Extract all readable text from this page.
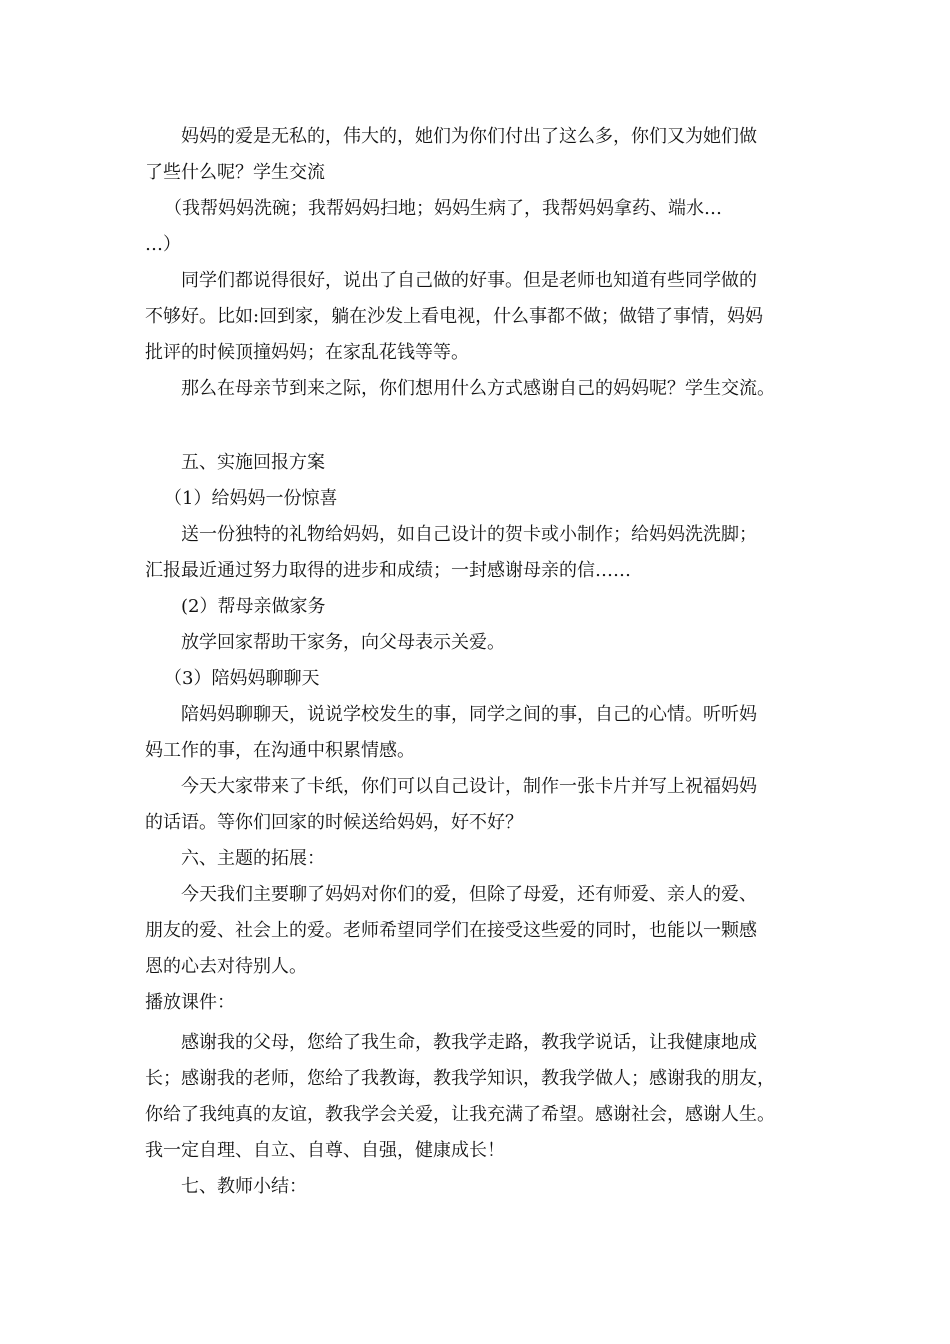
妈妈的爱是无私的，伟大的，她们为你们付出了这么多，你们又为她们做
了些什么呢？学生交流
（我帮妈妈洗碗；我帮妈妈扫地；妈妈生病了，我帮妈妈拿药、端水…
…）
同学们都说得很好，说出了自己做的好事。但是老师也知道有些同学做的
不够好。比如:回到家，躺在沙发上看电视，什么事都不做；做错了事情，妈妈
批评的时候顶撞妈妈；在家乱花钱等等。
那么在母亲节到来之际，你们想用什么方式感谢自己的妈妈呢？学生交流。
五、实施回报方案
（1）给妈妈一份惊喜
送一份独特的礼物给妈妈，如自己设计的贺卡或小制作；给妈妈洗洗脚；
汇报最近通过努力取得的进步和成绩；一封感谢母亲的信……
(2）帮母亲做家务
放学回家帮助干家务，向父母表示关爱。
（3）陪妈妈聊聊天
陪妈妈聊聊天，说说学校发生的事，同学之间的事，自己的心情。听听妈
妈工作的事，在沟通中积累情感。
今天大家带来了卡纸，你们可以自己设计，制作一张卡片并写上祝福妈妈
的话语。等你们回家的时候送给妈妈，好不好？
六、主题的拓展：
今天我们主要聊了妈妈对你们的爱，但除了母爱，还有师爱、亲人的爱、
朋友的爱、社会上的爱。老师希望同学们在接受这些爱的同时，也能以一颗感
恩的心去对待别人。
播放课件：
感谢我的父母，您给了我生命，教我学走路，教我学说话，让我健康地成
长；感谢我的老师，您给了我教诲，教我学知识，教我学做人；感谢我的朋友，
你给了我纯真的友谊，教我学会关爱，让我充满了希望。感谢社会，感谢人生。
我一定自理、自立、自尊、自强，健康成长！
七、教师小结：
